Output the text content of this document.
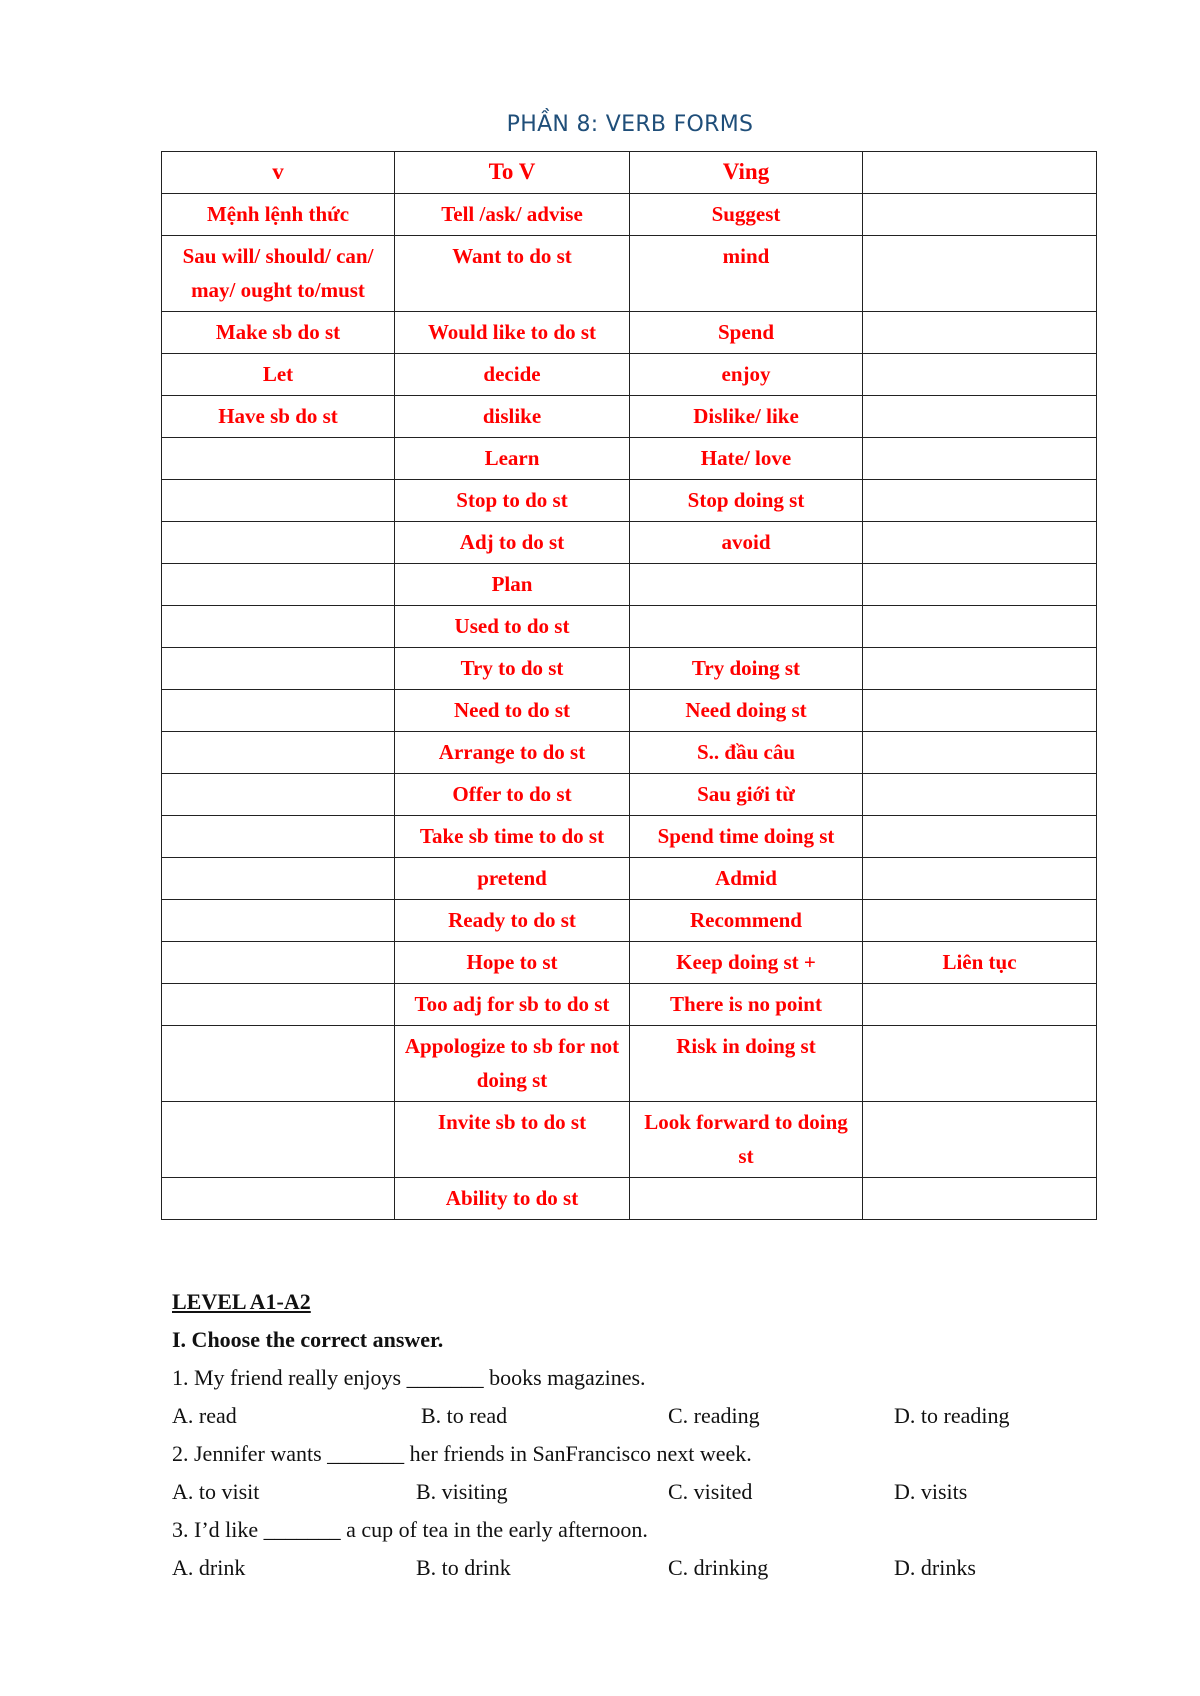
PHẦN 8: VERB FORMS
v	To V	Ving	
Mệnh lệnh thức	Tell /ask/ advise	Suggest	
Sau will/ should/ can/ may/ ought to/must	Want to do st	mind	
Make sb do st	Would like to do st	Spend	
Let	decide	enjoy	
Have sb do st	dislike	Dislike/ like	
	Learn	Hate/ love	
	Stop to do st	Stop doing st	
	Adj to do st	avoid	
	Plan		
	Used to do st		
	Try to do st	Try doing st	
	Need to do st	Need doing st	
	Arrange to do st	S.. đầu câu	
	Offer to do st	Sau giới từ	
	Take sb time to do st	Spend time doing st	
	pretend	Admid	
	Ready to do st	Recommend	
	Hope to st	Keep doing st +	Liên tục
	Too adj for sb to do st	There is no point	
	Appologize to sb for not doing st	Risk in doing st	
	Invite sb to do st	Look forward to doing st	
	Ability to do st		
LEVEL A1-A2
I. Choose the correct answer.
1. My friend really enjoys _______ books magazines.
A. read	B. to read	C. reading	D. to reading
2. Jennifer wants _______ her friends in SanFrancisco next week.
A. to visit	B. visiting	C. visited	D. visits
3. I’d like _______ a cup of tea in the early afternoon.
A. drink	B. to drink	C. drinking	D. drinks
